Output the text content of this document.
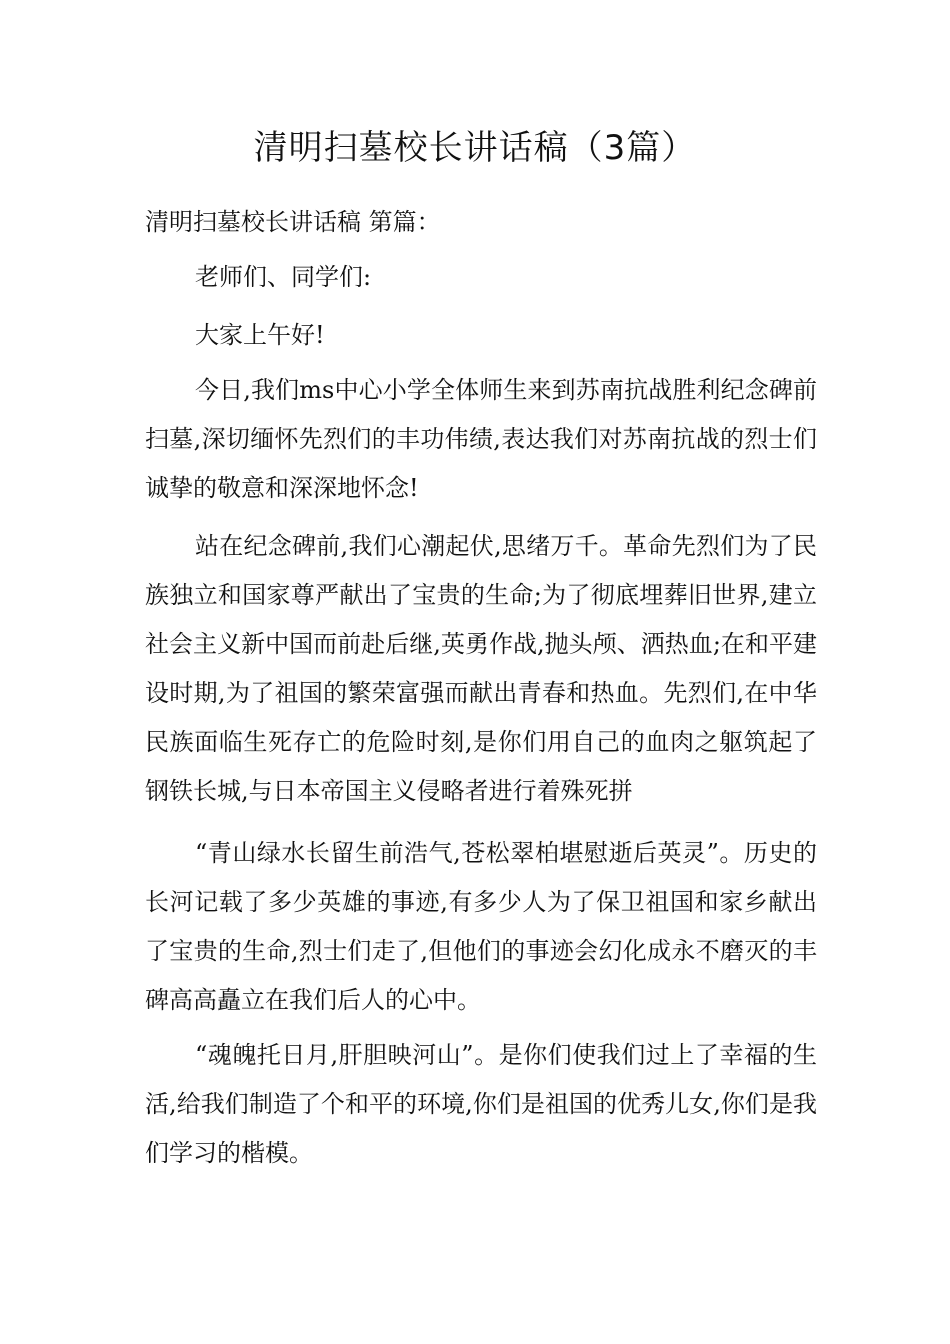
清明扫墓校长讲话稿（3篇）

清明扫墓校长讲话稿 第篇：

老师们、同学们:

大家上午好!

今日,我们ms中心小学全体师生来到苏南抗战胜利纪念碑前扫墓,深切缅怀先烈们的丰功伟绩,表达我们对苏南抗战的烈士们诚挚的敬意和深深地怀念!

站在纪念碑前,我们心潮起伏,思绪万千。革命先烈们为了民族独立和国家尊严献出了宝贵的生命;为了彻底埋葬旧世界,建立社会主义新中国而前赴后继,英勇作战,抛头颅、洒热血;在和平建设时期,为了祖国的繁荣富强而献出青春和热血。先烈们,在中华民族面临生死存亡的危险时刻,是你们用自己的血肉之躯筑起了钢铁长城,与日本帝国主义侵略者进行着殊死拼

“青山绿水长留生前浩气,苍松翠柏堪慰逝后英灵”。历史的长河记载了多少英雄的事迹,有多少人为了保卫祖国和家乡献出了宝贵的生命,烈士们走了,但他们的事迹会幻化成永不磨灭的丰碑高高矗立在我们后人的心中。

“魂魄托日月,肝胆映河山”。是你们使我们过上了幸福的生活,给我们制造了个和平的环境,你们是祖国的优秀儿女,你们是我们学习的楷模。
